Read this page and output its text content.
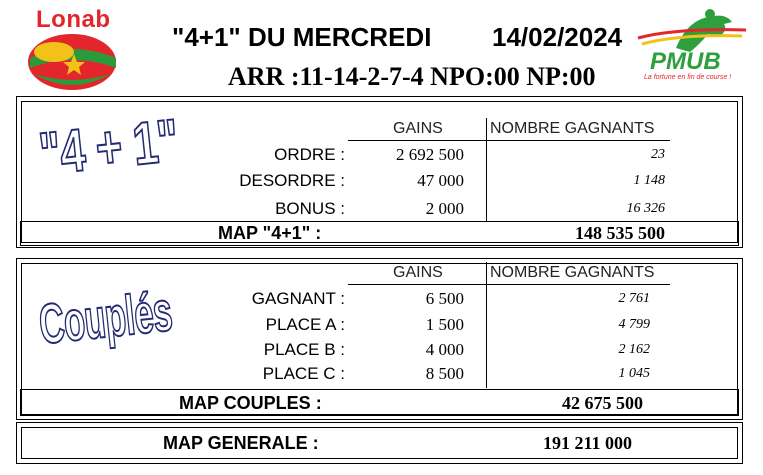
Lonab
"4+1" DU MERCREDI 14/02/2024
ARR :11-14-2-7-4 NPO:00 NP:00
PMUB
La fortune en fin de course !
"4 + 1"	GAINS	NOMBRE GAGNANTS
ORDRE :	2 692 500	23
DESORDRE :	47 000	1 148
BONUS :	2 000	16 326
MAP "4+1" :	148 535 500
Couplés
GAINS	NOMBRE GAGNANTS
GAGNANT :	6 500	2 761
PLACE A :	1 500	4 799
PLACE B :	4 000	2 162
PLACE C :	8 500	1 045
MAP COUPLES :	42 675 500
MAP GENERALE :	191 211 000
